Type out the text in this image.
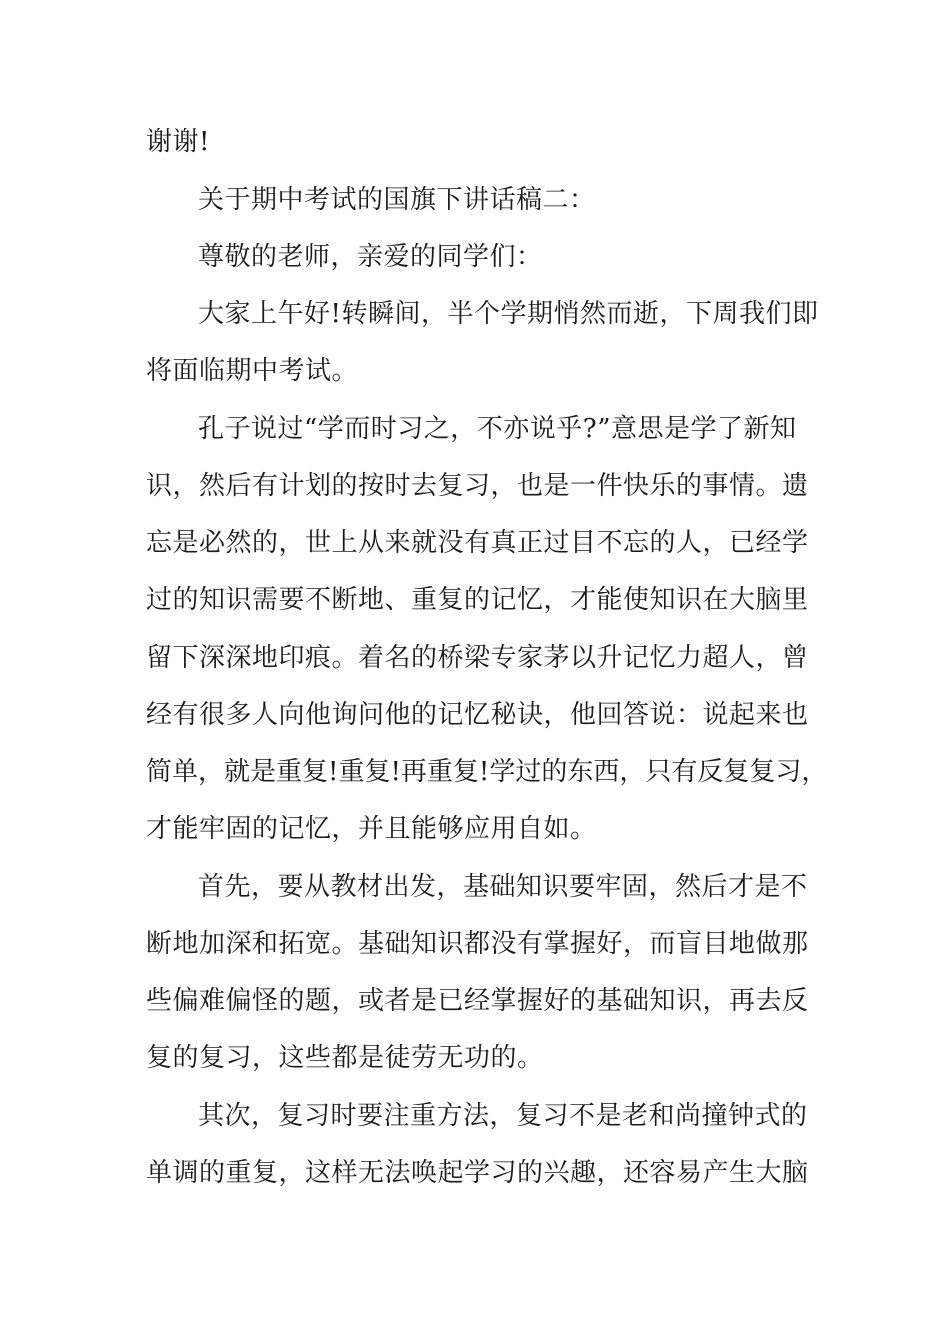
谢谢!
关于期中考试的国旗下讲话稿二：
尊敬的老师，亲爱的同学们：
大家上午好!转瞬间，半个学期悄然而逝，下周我们即
将面临期中考试。
孔子说过“学而时习之，不亦说乎?”意思是学了新知
识，然后有计划的按时去复习，也是一件快乐的事情。遗
忘是必然的，世上从来就没有真正过目不忘的人，已经学
过的知识需要不断地、重复的记忆，才能使知识在大脑里
留下深深地印痕。着名的桥梁专家茅以升记忆力超人，曾
经有很多人向他询问他的记忆秘诀，他回答说：说起来也
简单，就是重复!重复!再重复!学过的东西，只有反复复习，
才能牢固的记忆，并且能够应用自如。
首先，要从教材出发，基础知识要牢固，然后才是不
断地加深和拓宽。基础知识都没有掌握好，而盲目地做那
些偏难偏怪的题，或者是已经掌握好的基础知识，再去反
复的复习，这些都是徒劳无功的。
其次，复习时要注重方法，复习不是老和尚撞钟式的
单调的重复，这样无法唤起学习的兴趣，还容易产生大脑
